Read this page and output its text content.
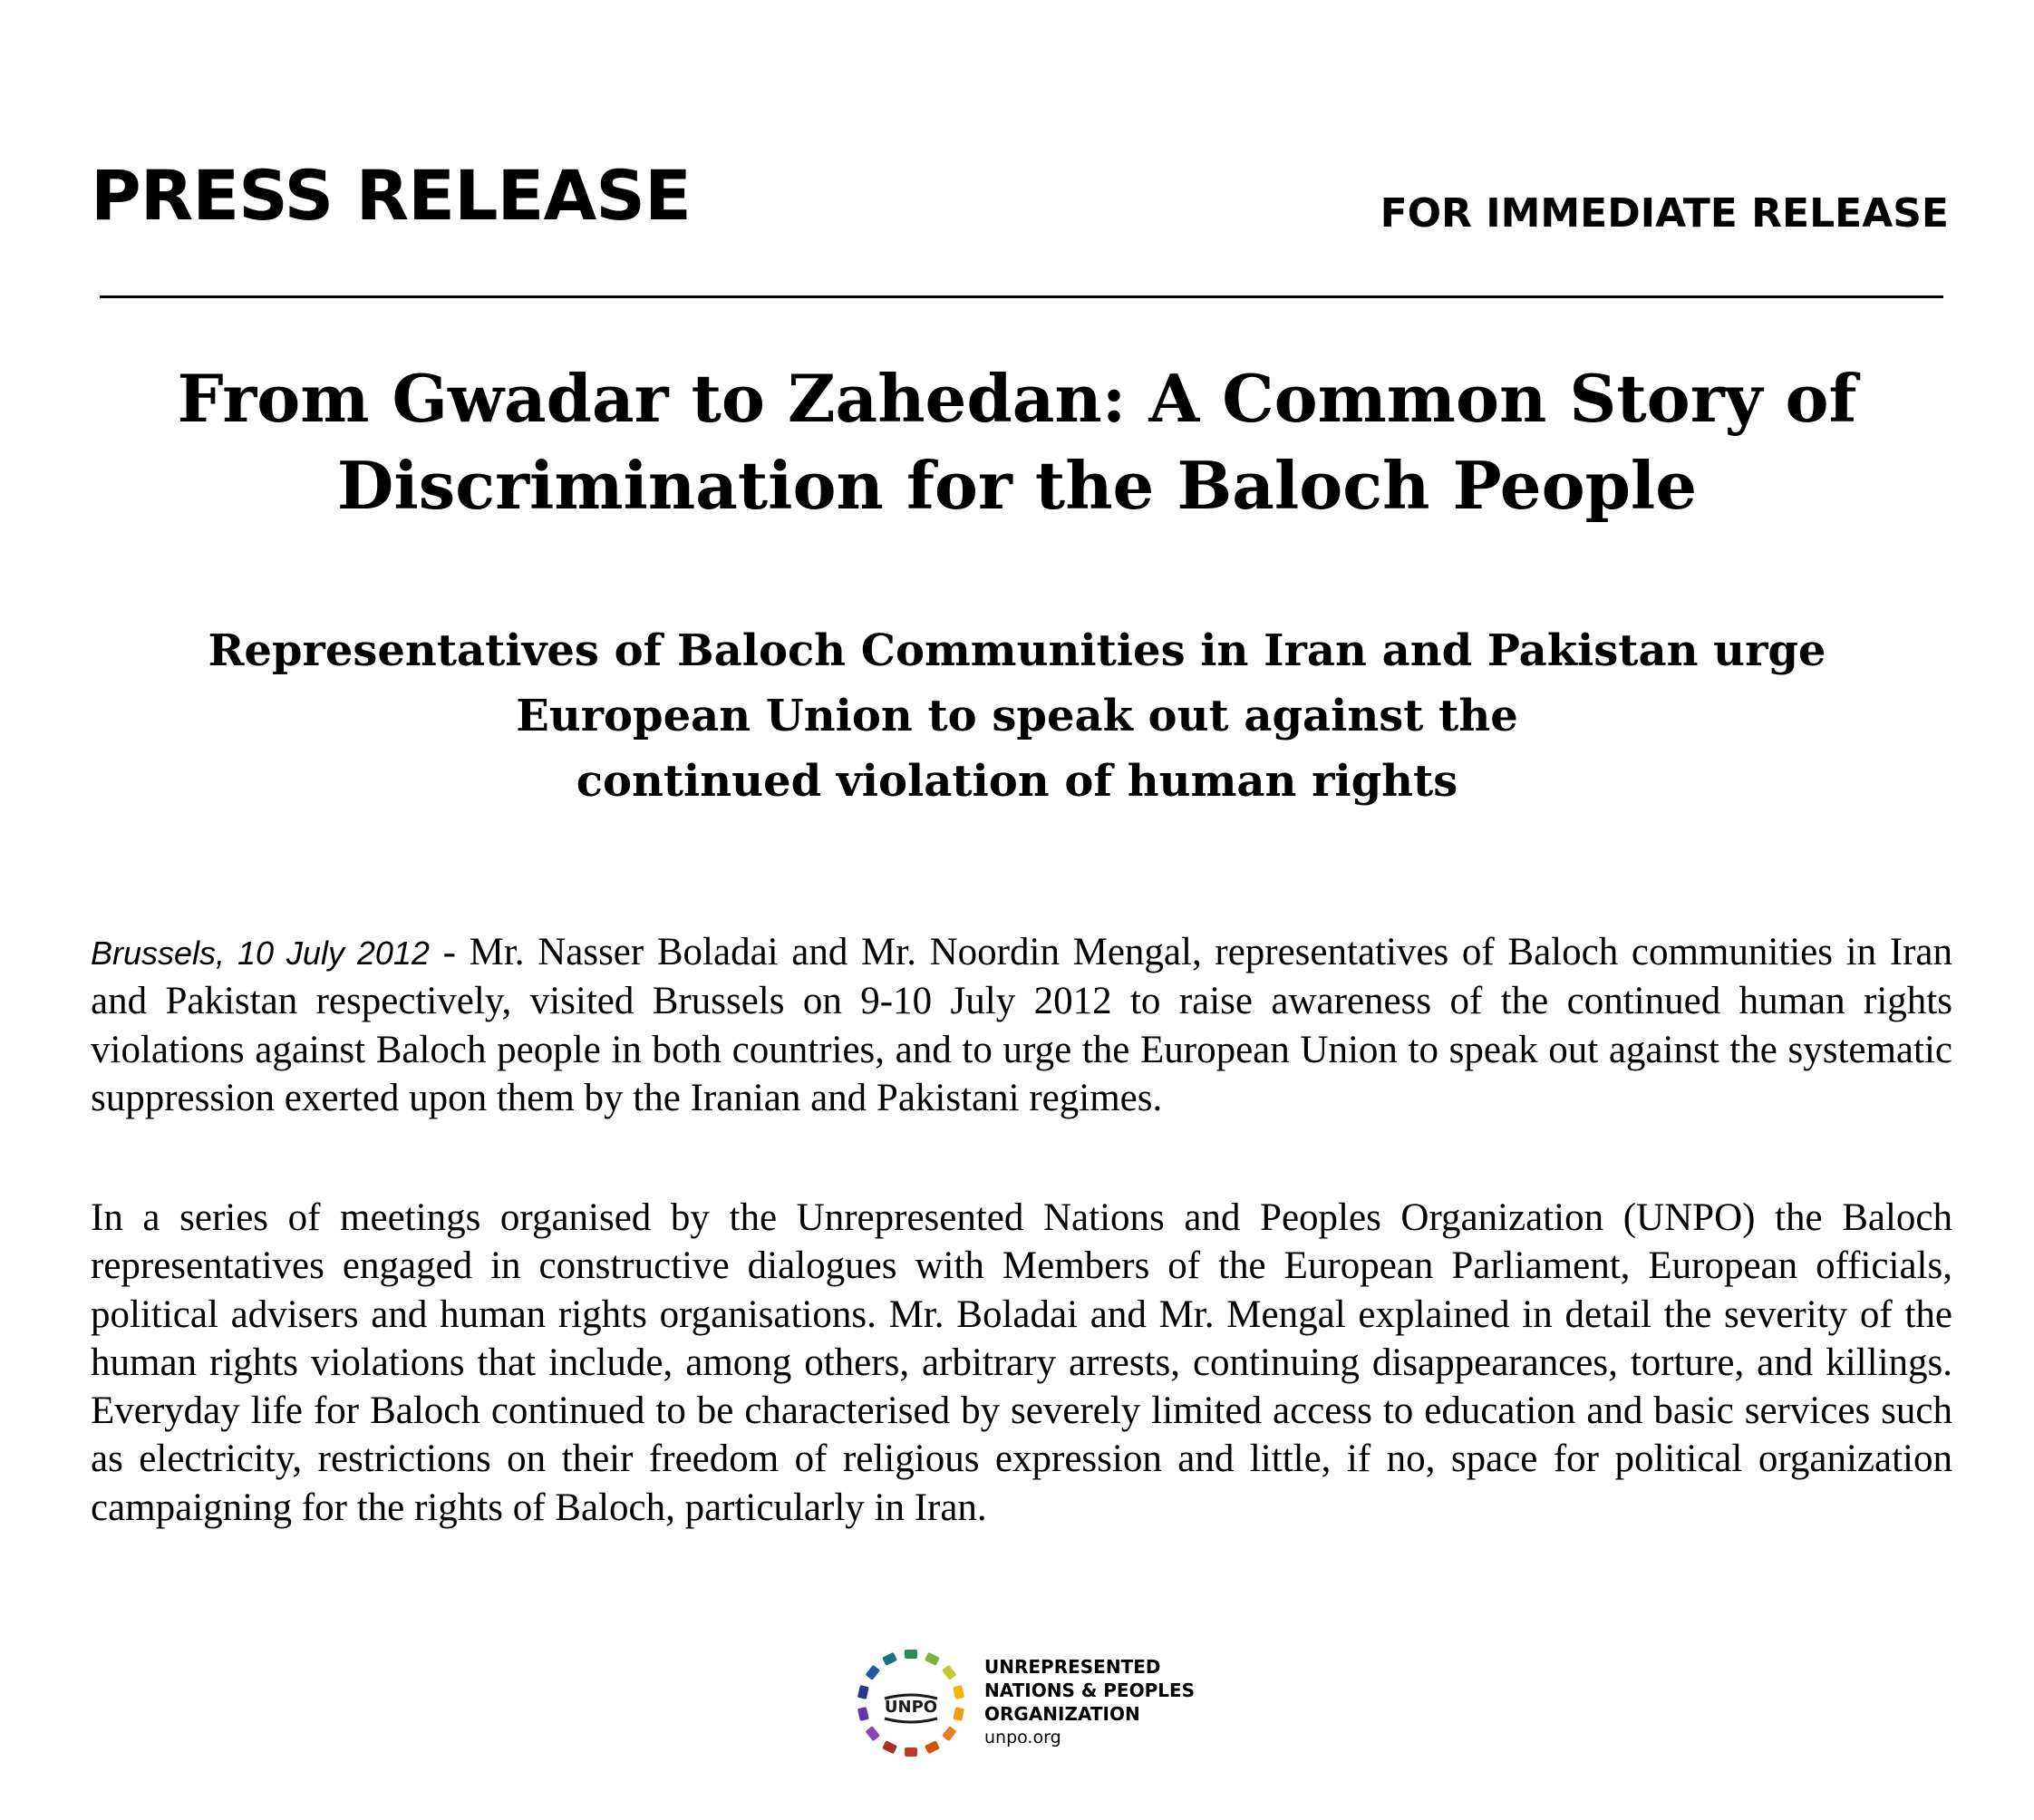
PRESS RELEASE	FOR IMMEDIATE RELEASE
From Gwadar to Zahedan: A Common Story of
Discrimination for the Baloch People
Representatives of Baloch Communities in Iran and Pakistan urge
European Union to speak out against the
continued violation of human rights

Brussels, 10 July 2012 - Mr. Nasser Boladai and Mr. Noordin Mengal, representatives of Baloch communities in Iran and Pakistan respectively, visited Brussels on 9-10 July 2012 to raise awareness of the continued human rights violations against Baloch people in both countries, and to urge the European Union to speak out against the systematic suppression exerted upon them by the Iranian and Pakistani regimes.

In a series of meetings organised by the Unrepresented Nations and Peoples Organization (UNPO) the Baloch representatives engaged in constructive dialogues with Members of the European Parliament, European officials, political advisers and human rights organisations. Mr. Boladai and Mr. Mengal explained in detail the severity of the human rights violations that include, among others, arbitrary arrests, continuing disappearances, torture, and killings. Everyday life for Baloch continued to be characterised by severely limited access to education and basic services such as electricity, restrictions on their freedom of religious expression and little, if no, space for political organization campaigning for the rights of Baloch, particularly in Iran.

UNPO
UNREPRESENTED
NATIONS & PEOPLES
ORGANIZATION
unpo.org
